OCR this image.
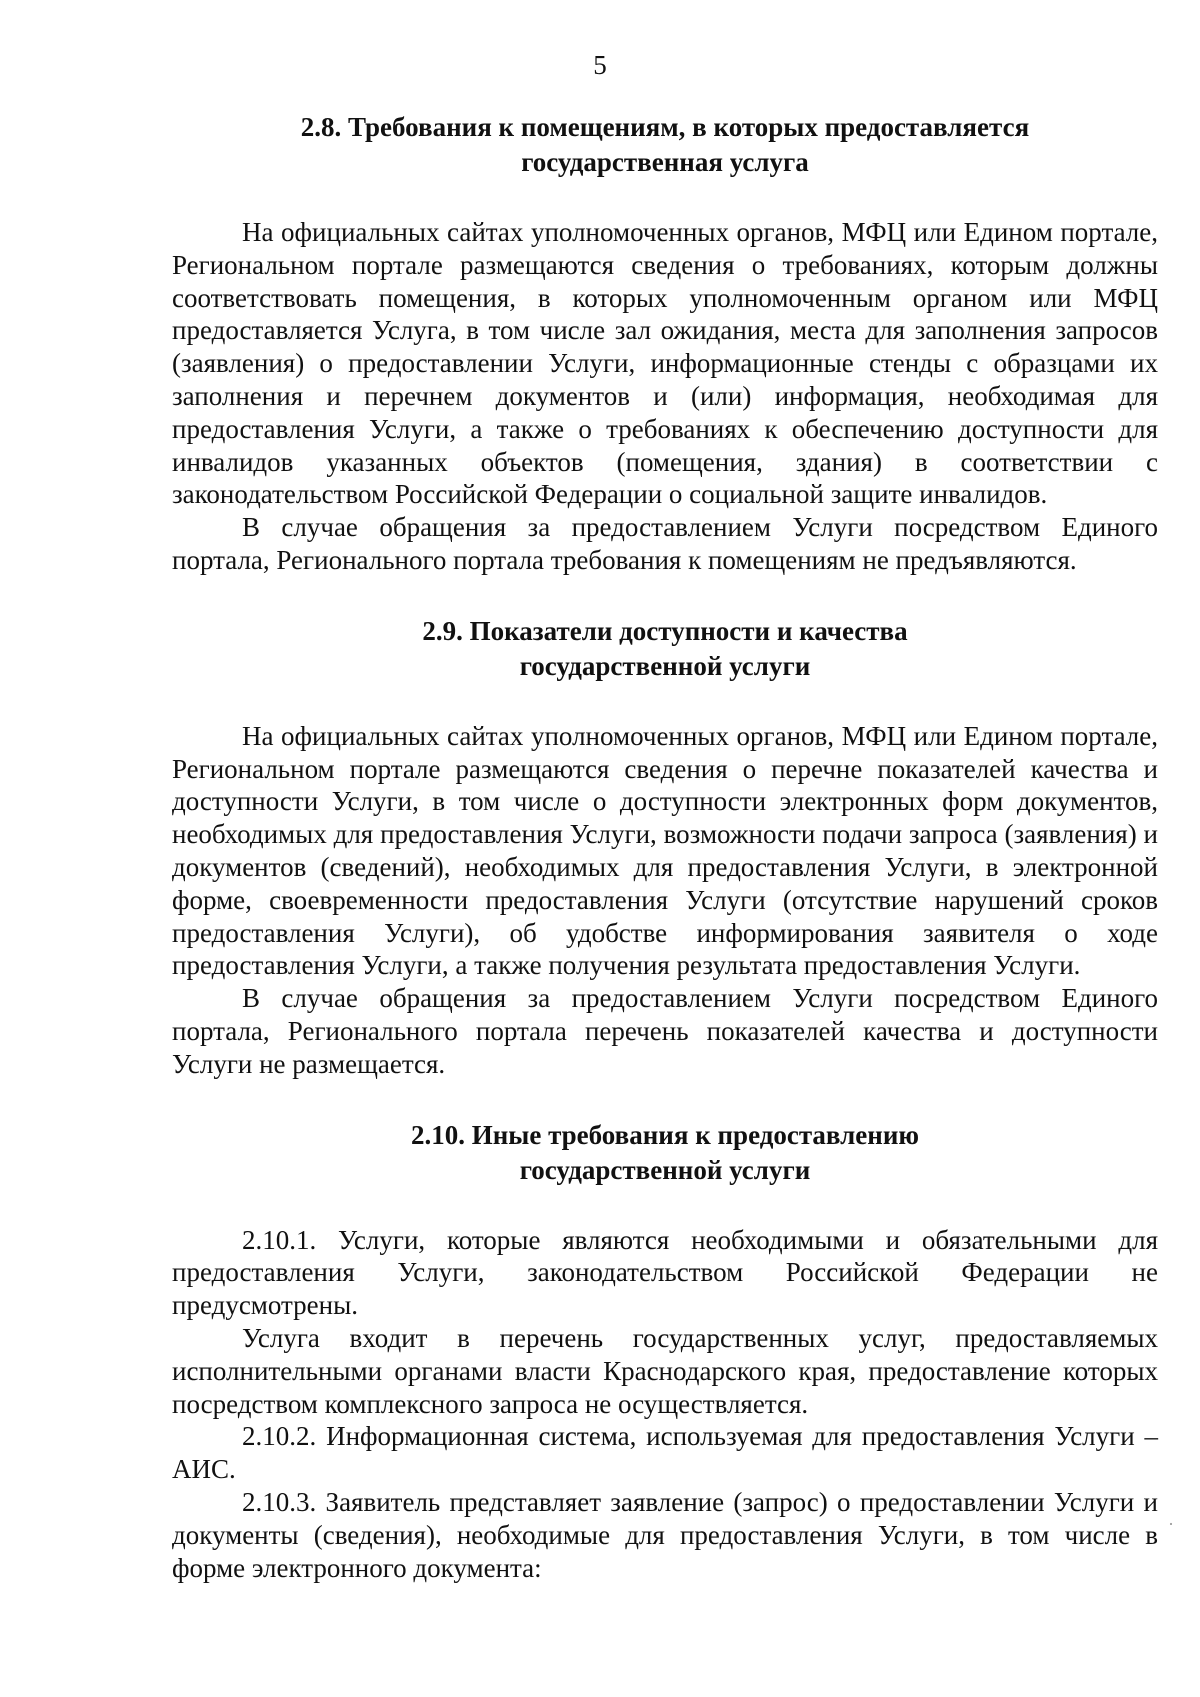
5
2.8. Требования к помещениям, в которых предоставляется
государственная услуга

На официальных сайтах уполномоченных органов, МФЦ или Едином портале, Региональном портале размещаются сведения о требованиях, которым должны соответствовать помещения, в которых уполномоченным органом или МФЦ предоставляется Услуга, в том числе зал ожидания, места для заполнения запросов (заявления) о предоставлении Услуги, информационные стенды с образцами их заполнения и перечнем документов и (или) информация, необходимая для предоставления Услуги, а также о требованиях к обеспечению доступности для инвалидов указанных объектов (помещения, здания) в соответствии с законодательством Российской Федерации о социальной защите инвалидов.

В случае обращения за предоставлением Услуги посредством Единого портала, Регионального портала требования к помещениям не предъявляются.

2.9. Показатели доступности и качества
государственной услуги

На официальных сайтах уполномоченных органов, МФЦ или Едином портале, Региональном портале размещаются сведения о перечне показателей качества и доступности Услуги, в том числе о доступности электронных форм документов, необходимых для предоставления Услуги, возможности подачи запроса (заявления) и документов (сведений), необходимых для предоставления Услуги, в электронной форме, своевременности предоставления Услуги (отсутствие нарушений сроков предоставления Услуги), об удобстве информирования заявителя о ходе предоставления Услуги, а также получения результата предоставления Услуги.

В случае обращения за предоставлением Услуги посредством Единого портала, Регионального портала перечень показателей качества и доступности Услуги не размещается.

2.10. Иные требования к предоставлению
государственной услуги

2.10.1. Услуги, которые являются необходимыми и обязательными для предоставления Услуги, законодательством Российской Федерации не предусмотрены.

Услуга входит в перечень государственных услуг, предоставляемых исполнительными органами власти Краснодарского края, предоставление которых посредством комплексного запроса не осуществляется.

2.10.2. Информационная система, используемая для предоставления Услуги – АИС.

2.10.3. Заявитель представляет заявление (запрос) о предоставлении Услуги и документы (сведения), необходимые для предоставления Услуги, в том числе в форме электронного документа:

·
